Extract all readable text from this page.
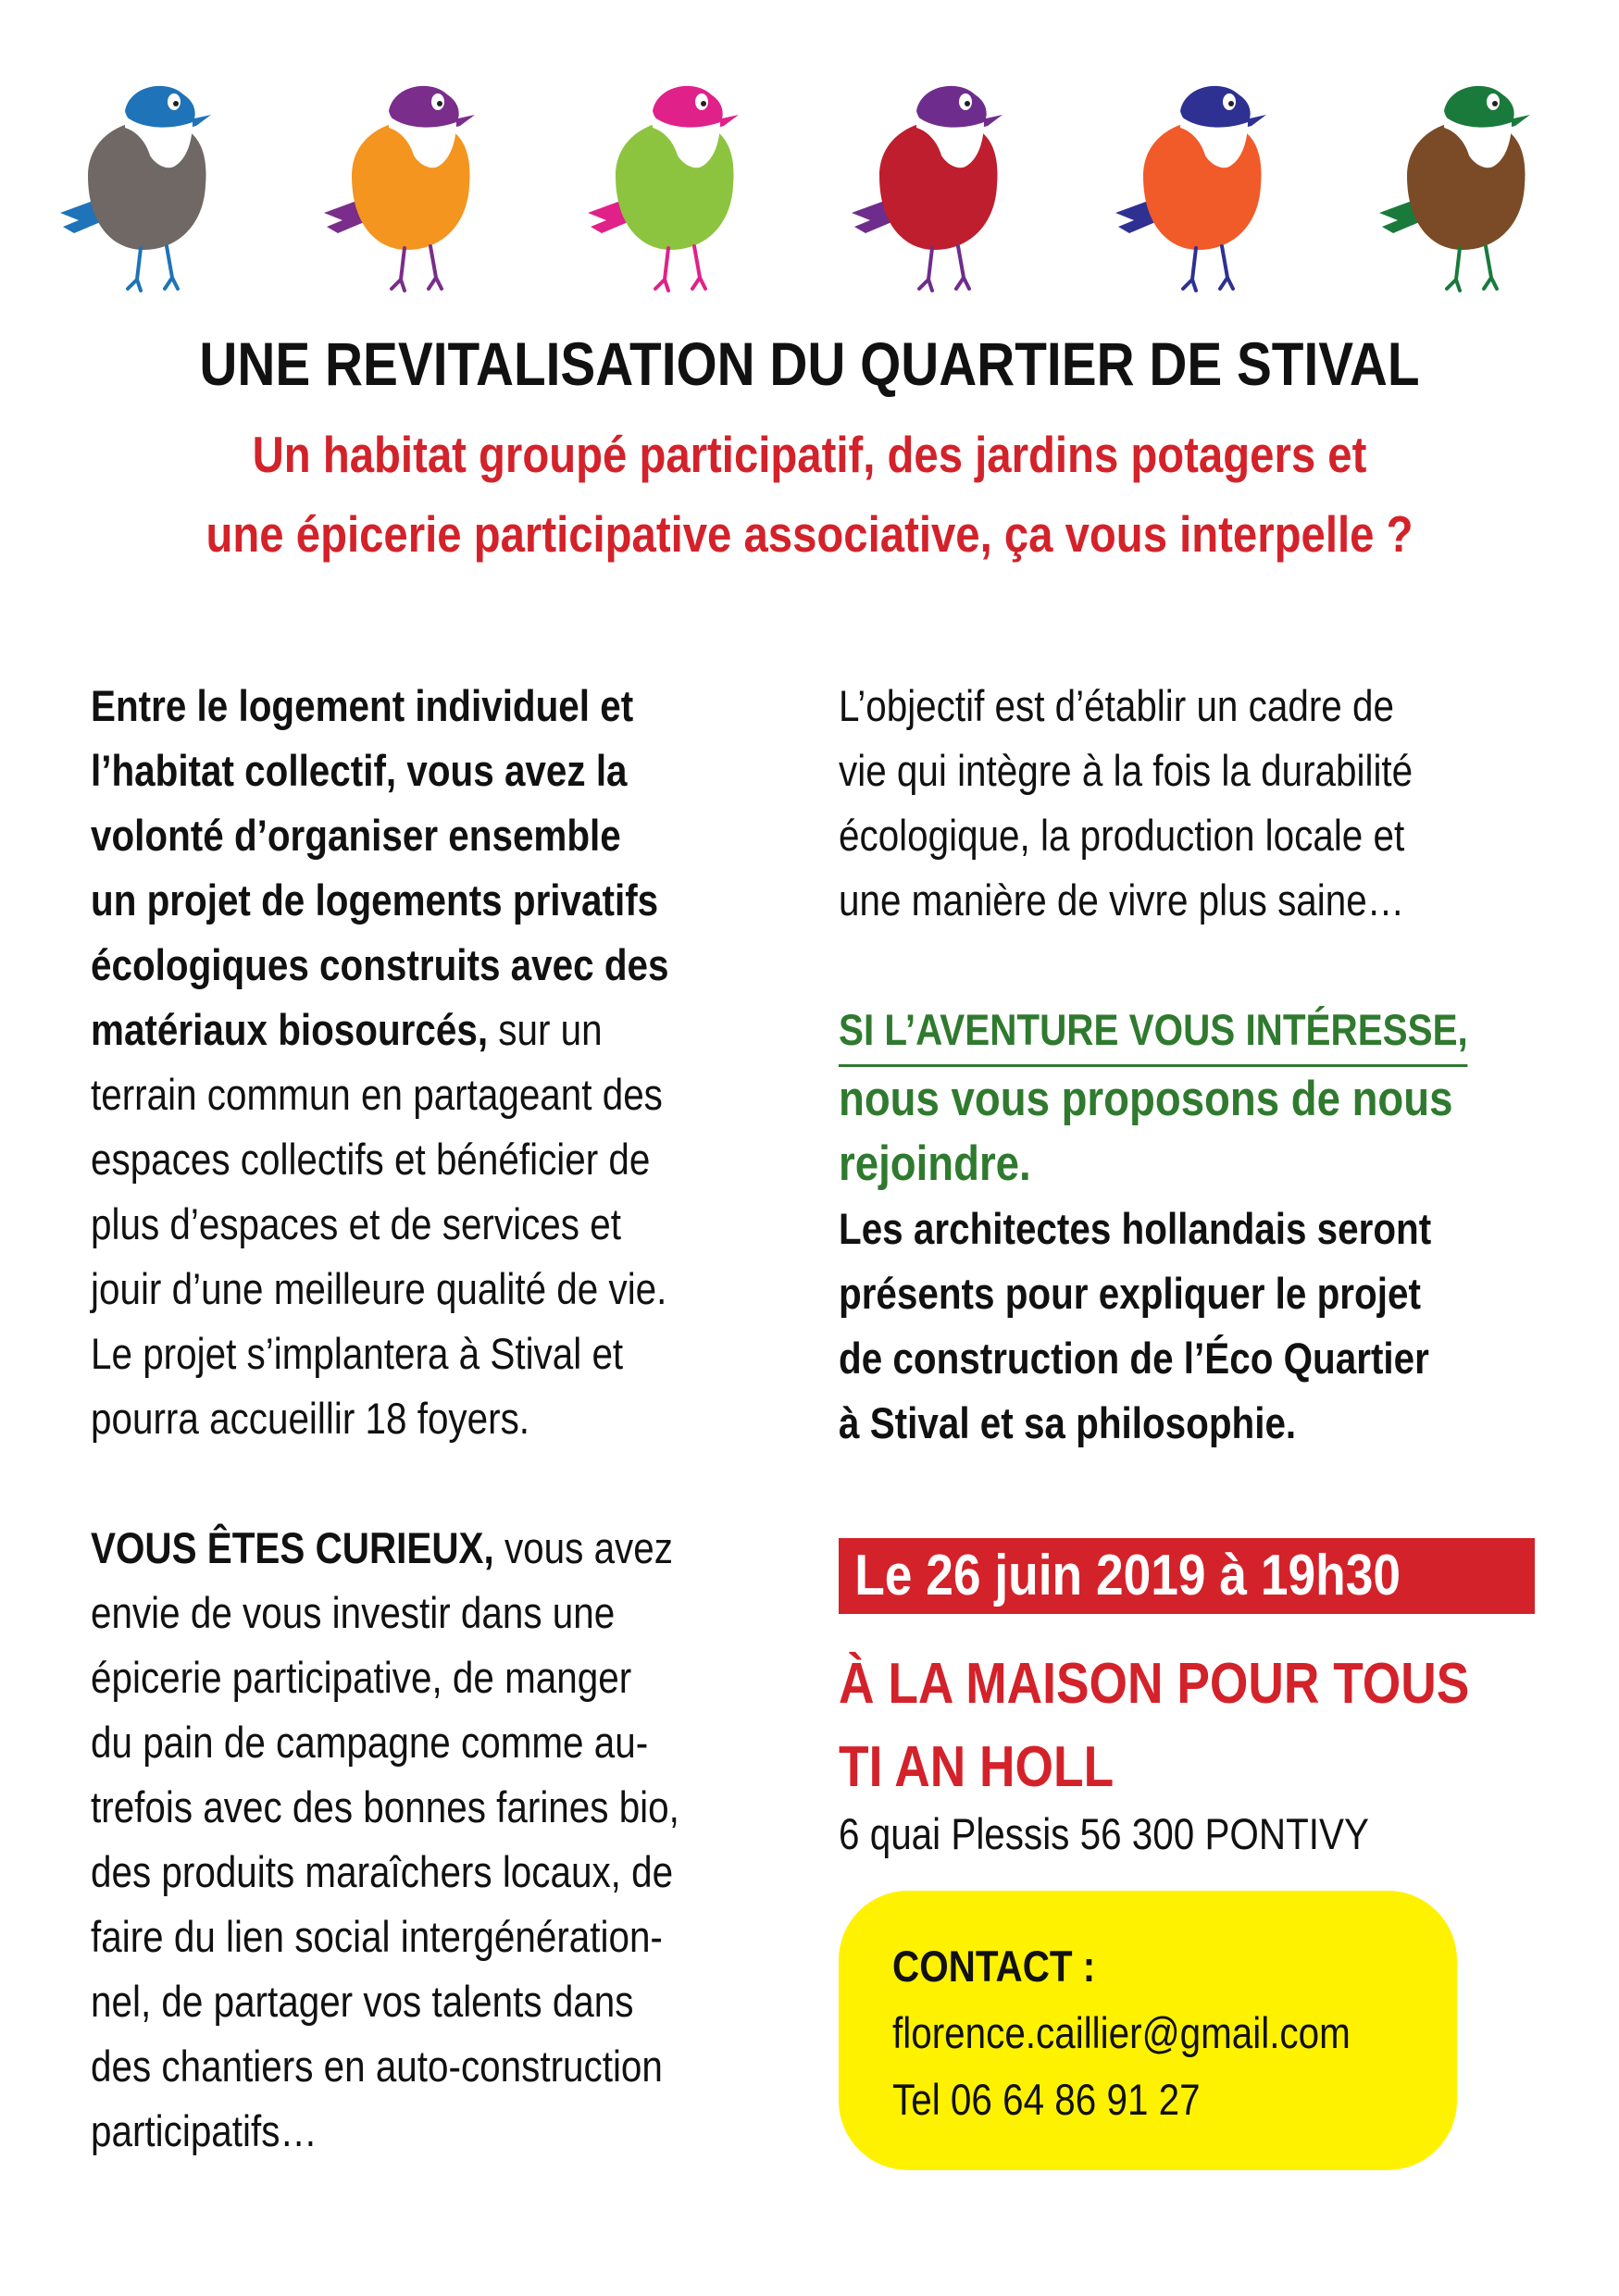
UNE REVITALISATION DU QUARTIER DE STIVAL
Un habitat groupé participatif, des jardins potagers et
une épicerie participative associative, ça vous interpelle ?
Entre le logement individuel et
l’habitat collectif, vous avez la
volonté d’organiser ensemble
un projet de logements privatifs
écologiques construits avec des
matériaux biosourcés, sur un
terrain commun en partageant des
espaces collectifs et bénéficier de
plus d’espaces et de services et
jouir d’une meilleure qualité de vie.
Le projet s’implantera à Stival et
pourra accueillir 18 foyers.
VOUS ÊTES CURIEUX, vous avez
envie de vous investir dans une
épicerie participative, de manger
du pain de campagne comme au-
trefois avec des bonnes farines bio,
des produits maraîchers locaux, de
faire du lien social intergénération-
nel, de partager vos talents dans
des chantiers en auto-construction
participatifs…
L’objectif est d’établir un cadre de
vie qui intègre à la fois la durabilité
écologique, la production locale et
une manière de vivre plus saine…
SI L’AVENTURE VOUS INTÉRESSE,
nous vous proposons de nous
rejoindre.
Les architectes hollandais seront
présents pour expliquer le projet
de construction de l’Éco Quartier
à Stival et sa philosophie.
Le 26 juin 2019 à 19h30
À LA MAISON POUR TOUS
TI AN HOLL
6 quai Plessis 56 300 PONTIVY
CONTACT :
florence.caillier@gmail.com
Tel 06 64 86 91 27
